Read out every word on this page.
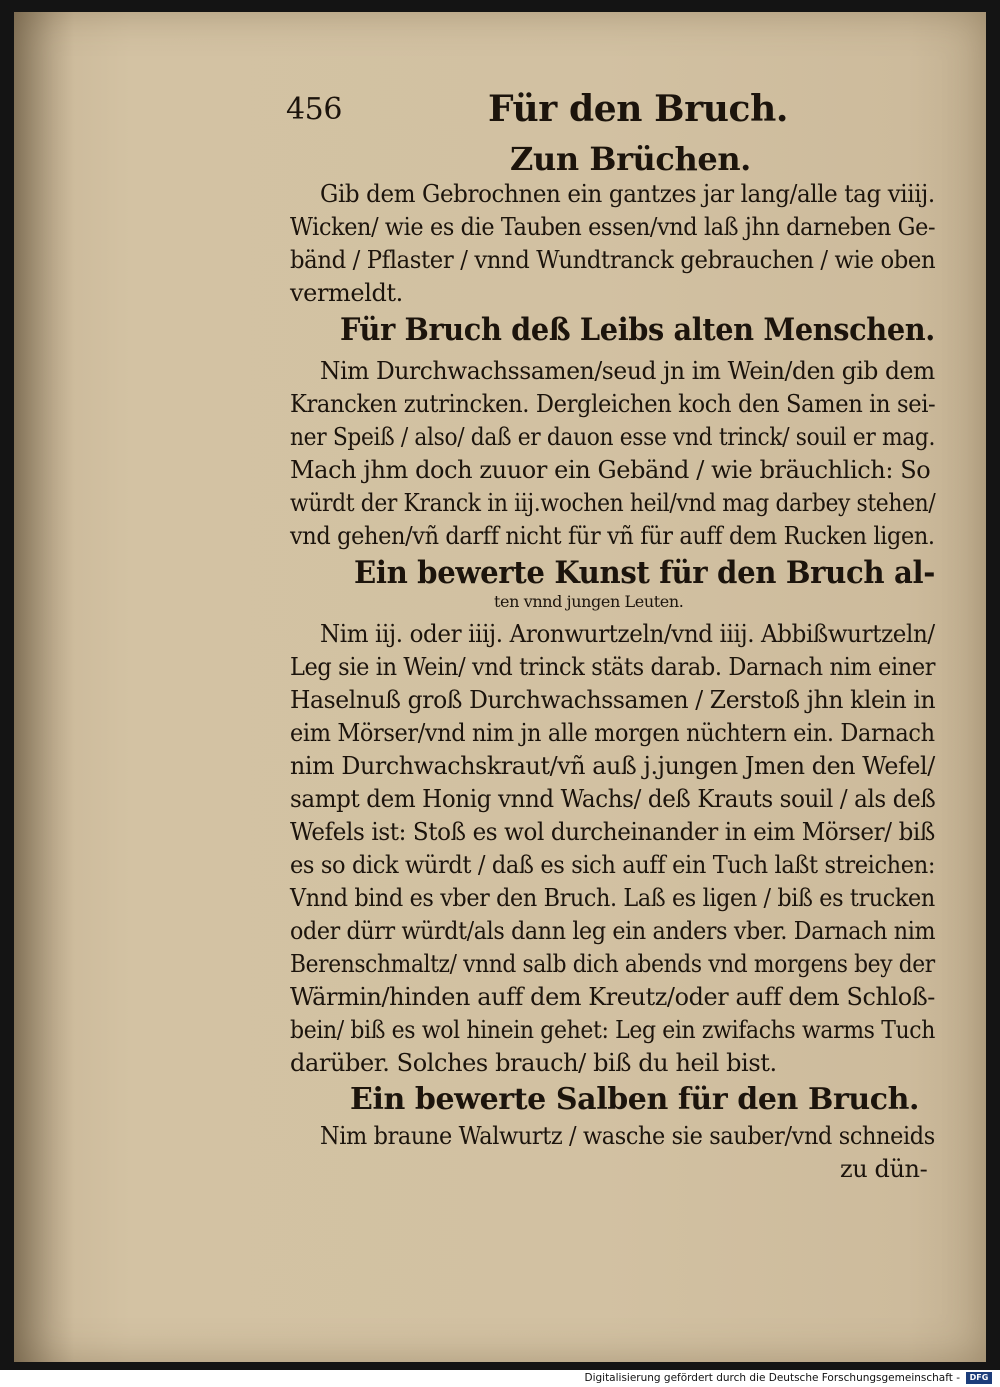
456	Für den Bruch.
Zun Brüchen.
Gib dem Gebrochnen ein gantzes jar lang/alle tag viiij.
Wicken/ wie es die Tauben essen/vnd laß jhn darneben Ge-
bänd / Pflaster / vnnd Wundtranck gebrauchen / wie oben
vermeldt.
Für Bruch deß Leibs alten Menschen.
Nim Durchwachssamen/seud jn im Wein/den gib dem
Krancken zutrincken. Dergleichen koch den Samen in sei-
ner Speiß / also/ daß er dauon esse vnd trinck/ souil er mag.
Mach jhm doch zuuor ein Gebänd / wie bräuchlich: So
würdt der Kranck in iij.wochen heil/vnd mag darbey stehen/
vnd gehen/vñ darff nicht für vñ für auff dem Rucken ligen.
Ein bewerte Kunst für den Bruch al-
ten vnnd jungen Leuten.
Nim iij. oder iiij. Aronwurtzeln/vnd iiij. Abbißwurtzeln/
Leg sie in Wein/ vnd trinck stäts darab. Darnach nim einer
Haselnuß groß Durchwachssamen / Zerstoß jhn klein in
eim Mörser/vnd nim jn alle morgen nüchtern ein. Darnach
nim Durchwachskraut/vñ auß j.jungen Jmen den Wefel/
sampt dem Honig vnnd Wachs/ deß Krauts souil / als deß
Wefels ist: Stoß es wol durcheinander in eim Mörser/ biß
es so dick würdt / daß es sich auff ein Tuch laßt streichen:
Vnnd bind es vber den Bruch. Laß es ligen / biß es trucken
oder dürr würdt/als dann leg ein anders vber. Darnach nim
Berenschmaltz/ vnnd salb dich abends vnd morgens bey der
Wärmin/hinden auff dem Kreutz/oder auff dem Schloß-
bein/ biß es wol hinein gehet: Leg ein zwifachs warms Tuch
darüber. Solches brauch/ biß du heil bist.
Ein bewerte Salben für den Bruch.
Nim braune Walwurtz / wasche sie sauber/vnd schneids
zu dün-
Digitalisierung gefördert durch die Deutsche Forschungsgemeinschaft -	DFG
